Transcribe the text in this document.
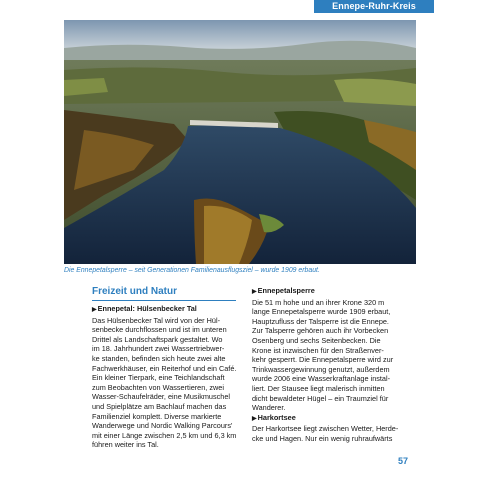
Ennepe-Ruhr-Kreis
Die Ennepetalsperre – seit Generationen Familienausflugsziel – wurde 1909 erbaut.
Freizeit und Natur
▶Ennepetal: Hülsenbecker Tal
Das Hülsenbecker Tal wird von der Hül-
senbecke durchflossen und ist im unteren
Drittel als Landschaftspark gestaltet. Wo
im 18. Jahrhundert zwei Wassertriebwer-
ke standen, befinden sich heute zwei alte
Fachwerkhäuser, ein Reiterhof und ein Café.
Ein kleiner Tierpark, eine Teichlandschaft
zum Beobachten von Wassertieren, zwei
Wasser-Schaufelräder, eine Musikmuschel
und Spielplätze am Bachlauf machen das
Familienziel komplett. Diverse markierte
Wanderwege und Nordic Walking Parcours'
mit einer Länge zwischen 2,5 km und 6,3 km
führen weiter ins Tal.
▶Ennepetalsperre
Die 51 m hohe und an ihrer Krone 320 m
lange Ennepetalsperre wurde 1909 erbaut,
Hauptzufluss der Talsperre ist die Ennepe.
Zur Talsperre gehören auch ihr Vorbecken
Osenberg und sechs Seitenbecken. Die
Krone ist inzwischen für den Straßenver-
kehr gesperrt. Die Ennepetalsperre wird zur
Trinkwassergewinnung genutzt, außerdem
wurde 2006 eine Wasserkraftanlage instal-
liert. Der Stausee liegt malerisch inmitten
dicht bewaldeter Hügel – ein Traumziel für
Wanderer.
▶Harkortsee
Der Harkortsee liegt zwischen Wetter, Herde-
cke und Hagen. Nur ein wenig ruhraufwärts
57
